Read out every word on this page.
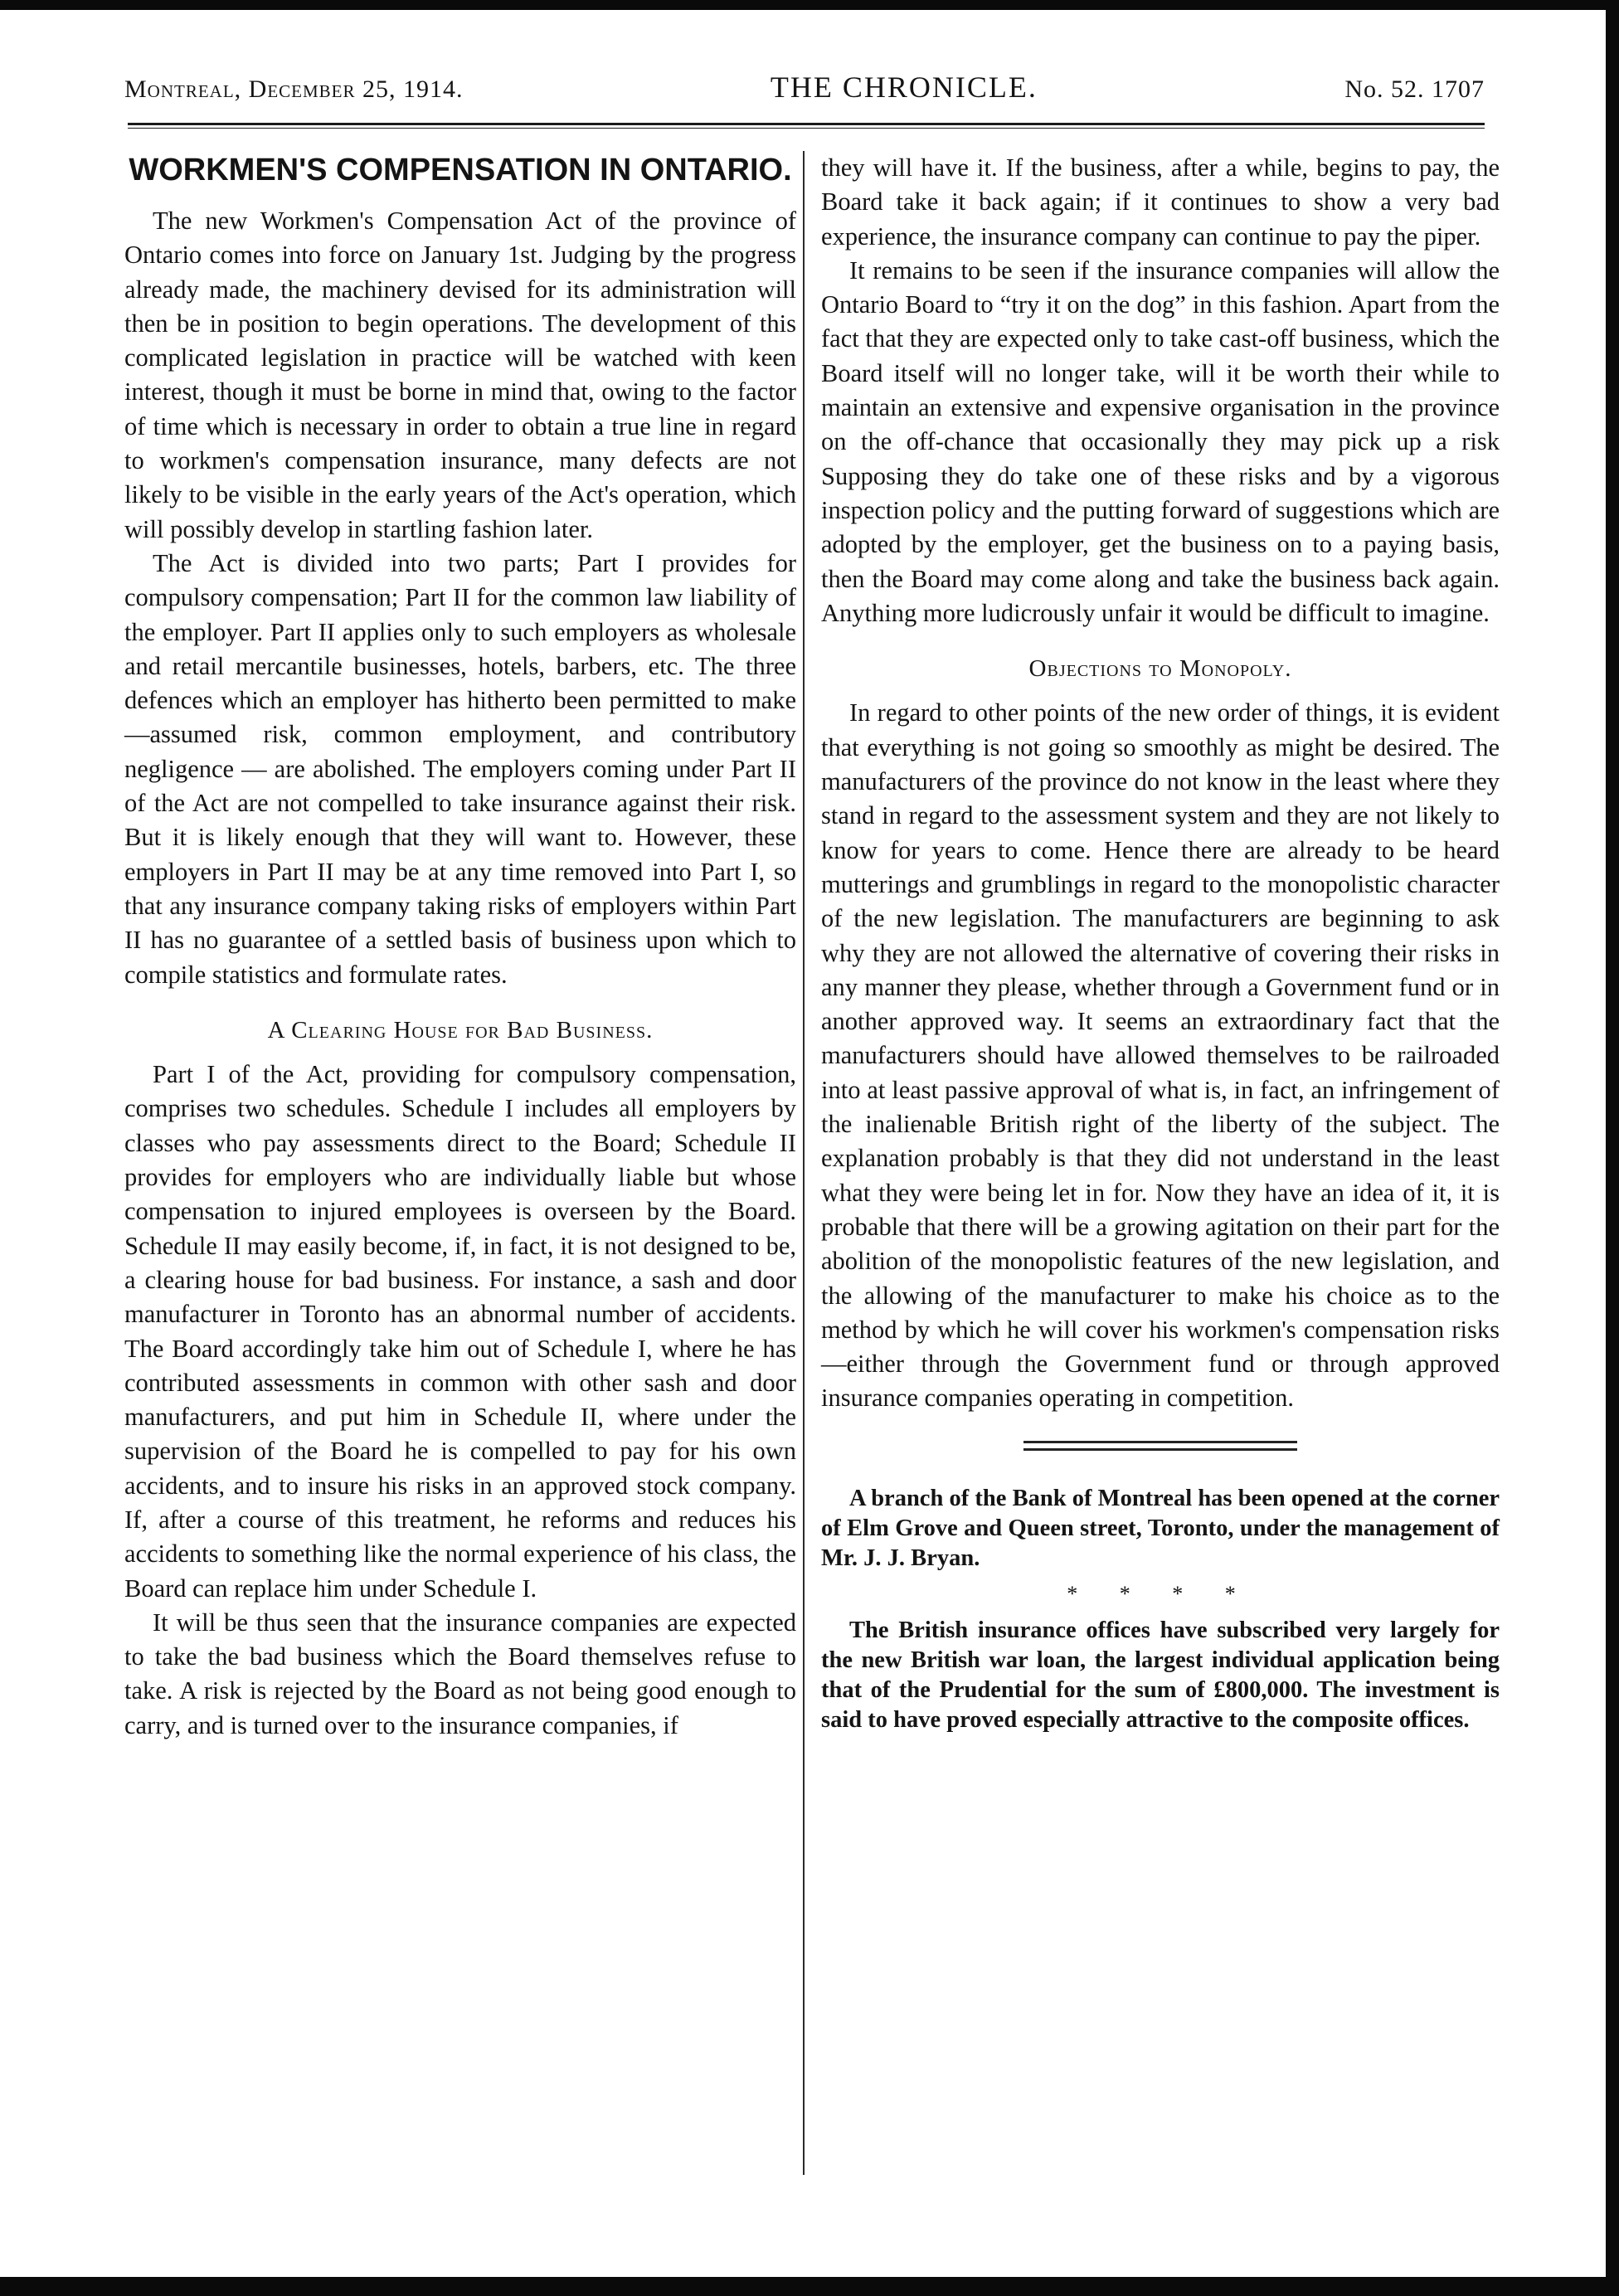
Montreal, December 25, 1914.	THE CHRONICLE.	No. 52. 1707
WORKMEN'S COMPENSATION IN ONTARIO.

The new Workmen's Compensation Act of the province of Ontario comes into force on January 1st. Judging by the progress already made, the machinery devised for its administration will then be in position to begin operations. The development of this complicated legislation in practice will be watched with keen interest, though it must be borne in mind that, owing to the factor of time which is necessary in order to obtain a true line in regard to workmen's compensation insurance, many defects are not likely to be visible in the early years of the Act's operation, which will possibly develop in startling fashion later.

The Act is divided into two parts; Part I provides for compulsory compensation; Part II for the common law liability of the employer. Part II applies only to such employers as wholesale and retail mercantile businesses, hotels, barbers, etc. The three defences which an employer has hitherto been permitted to make—assumed risk, common employment, and contributory negligence — are abolished. The employers coming under Part II of the Act are not compelled to take insurance against their risk. But it is likely enough that they will want to. However, these employers in Part II may be at any time removed into Part I, so that any insurance company taking risks of employers within Part II has no guarantee of a settled basis of business upon which to compile statistics and formulate rates.

A Clearing House for Bad Business.

Part I of the Act, providing for compulsory compensation, comprises two schedules. Schedule I includes all employers by classes who pay assessments direct to the Board; Schedule II provides for employers who are individually liable but whose compensation to injured employees is overseen by the Board. Schedule II may easily become, if, in fact, it is not designed to be, a clearing house for bad business. For instance, a sash and door manufacturer in Toronto has an abnormal number of accidents. The Board accordingly take him out of Schedule I, where he has contributed assessments in common with other sash and door manufacturers, and put him in Schedule II, where under the supervision of the Board he is compelled to pay for his own accidents, and to insure his risks in an approved stock company. If, after a course of this treatment, he reforms and reduces his accidents to something like the normal experience of his class, the Board can replace him under Schedule I.

It will be thus seen that the insurance companies are expected to take the bad business which the Board themselves refuse to take. A risk is rejected by the Board as not being good enough to carry, and is turned over to the insurance companies, if

they will have it. If the business, after a while, begins to pay, the Board take it back again; if it continues to show a very bad experience, the insurance company can continue to pay the piper.

It remains to be seen if the insurance companies will allow the Ontario Board to “try it on the dog” in this fashion. Apart from the fact that they are expected only to take cast-off business, which the Board itself will no longer take, will it be worth their while to maintain an extensive and expensive organisation in the province on the off-chance that occasionally they may pick up a risk Supposing they do take one of these risks and by a vigorous inspection policy and the putting forward of suggestions which are adopted by the employer, get the business on to a paying basis, then the Board may come along and take the business back again. Anything more ludicrously unfair it would be difficult to imagine.

Objections to Monopoly.

In regard to other points of the new order of things, it is evident that everything is not going so smoothly as might be desired. The manufacturers of the province do not know in the least where they stand in regard to the assessment system and they are not likely to know for years to come. Hence there are already to be heard mutterings and grumblings in regard to the monopolistic character of the new legislation. The manufacturers are beginning to ask why they are not allowed the alternative of covering their risks in any manner they please, whether through a Government fund or in another approved way. It seems an extraordinary fact that the manufacturers should have allowed themselves to be railroaded into at least passive approval of what is, in fact, an infringement of the inalienable British right of the liberty of the subject. The explanation probably is that they did not understand in the least what they were being let in for. Now they have an idea of it, it is probable that there will be a growing agitation on their part for the abolition of the monopolistic features of the new legislation, and the allowing of the manufacturer to make his choice as to the method by which he will cover his workmen's compensation risks—either through the Government fund or through approved insurance companies operating in competition.

A branch of the Bank of Montreal has been opened at the corner of Elm Grove and Queen street, Toronto, under the management of Mr. J. J. Bryan.

* * * *

The British insurance offices have subscribed very largely for the new British war loan, the largest individual application being that of the Prudential for the sum of £800,000. The investment is said to have proved especially attractive to the composite offices.
